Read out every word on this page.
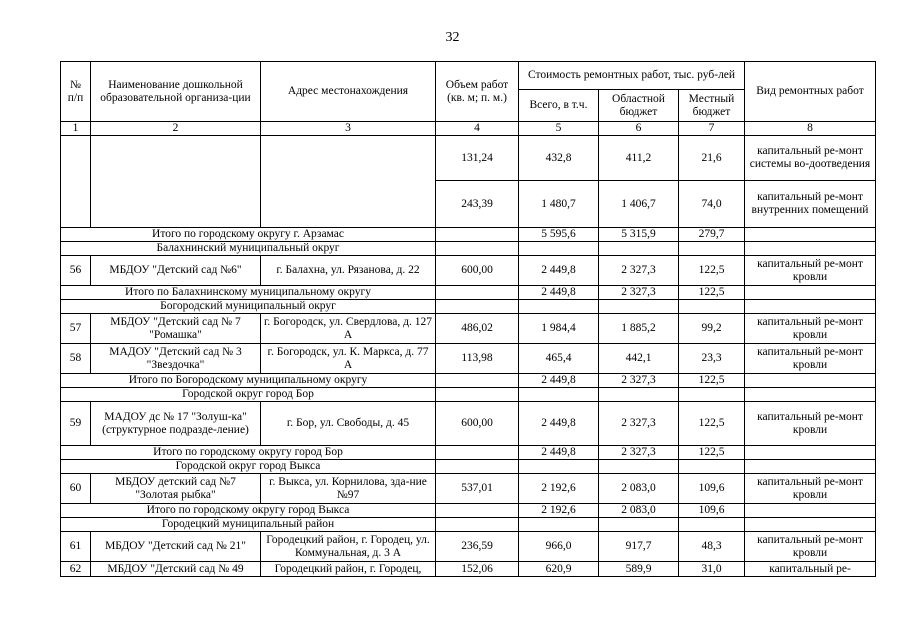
32
№ п/п	Наименование дошкольной образовательной организа-ции	Адрес местонахождения	Объем работ (кв. м; п. м.)	Стоимость ремонтных работ, тыс. руб-лей			Вид ремонтных работ
				Всего, в т.ч.	Областной бюджет	Местный бюджет	
1	2	3	4	5	6	7	8
			131,24	432,8	411,2	21,6	капитальный ре-монт системы во-доотведения
			243,39	1 480,7	1 406,7	74,0	капитальный ре-монт внутренних помещений
Итого по городскому округу г. Арзамас				5 595,6	5 315,9	279,7	
Балахнинский муниципальный округ							
56	МБДОУ "Детский сад №6"	г. Балахна, ул. Рязанова, д. 22	600,00	2 449,8	2 327,3	122,5	капитальный ре-монт кровли
Итого по Балахнинскому муниципальному округу				2 449,8	2 327,3	122,5	
Богородский муниципальный округ							
57	МБДОУ "Детский сад № 7 "Ромашка"	г. Богородск, ул. Свердлова, д. 127 А	486,02	1 984,4	1 885,2	99,2	капитальный ре-монт кровли
58	МАДОУ "Детский сад № 3 "Звездочка"	г. Богородск, ул. К. Маркса, д. 77 А	113,98	465,4	442,1	23,3	капитальный ре-монт кровли
Итого по Богородскому муниципальному округу				2 449,8	2 327,3	122,5	
Городской округ город Бор							
59	МАДОУ дс № 17 "Золуш-ка" (структурное подразде-ление)	г. Бор, ул. Свободы, д. 45	600,00	2 449,8	2 327,3	122,5	капитальный ре-монт кровли
Итого по городскому округу город Бор				2 449,8	2 327,3	122,5	
Городской округ город Выкса							
60	МБДОУ детский сад №7 "Золотая рыбка"	г. Выкса, ул. Корнилова, зда-ние №97	537,01	2 192,6	2 083,0	109,6	капитальный ре-монт кровли
Итого по городскому округу город Выкса				2 192,6	2 083,0	109,6	
Городецкий муниципальный район							
61	МБДОУ "Детский сад № 21"	Городецкий район, г. Городец, ул. Коммунальная, д. 3 А	236,59	966,0	917,7	48,3	капитальный ре-монт кровли
62	МБДОУ "Детский сад № 49	Городецкий район, г. Городец,	152,06	620,9	589,9	31,0	капитальный ре-
